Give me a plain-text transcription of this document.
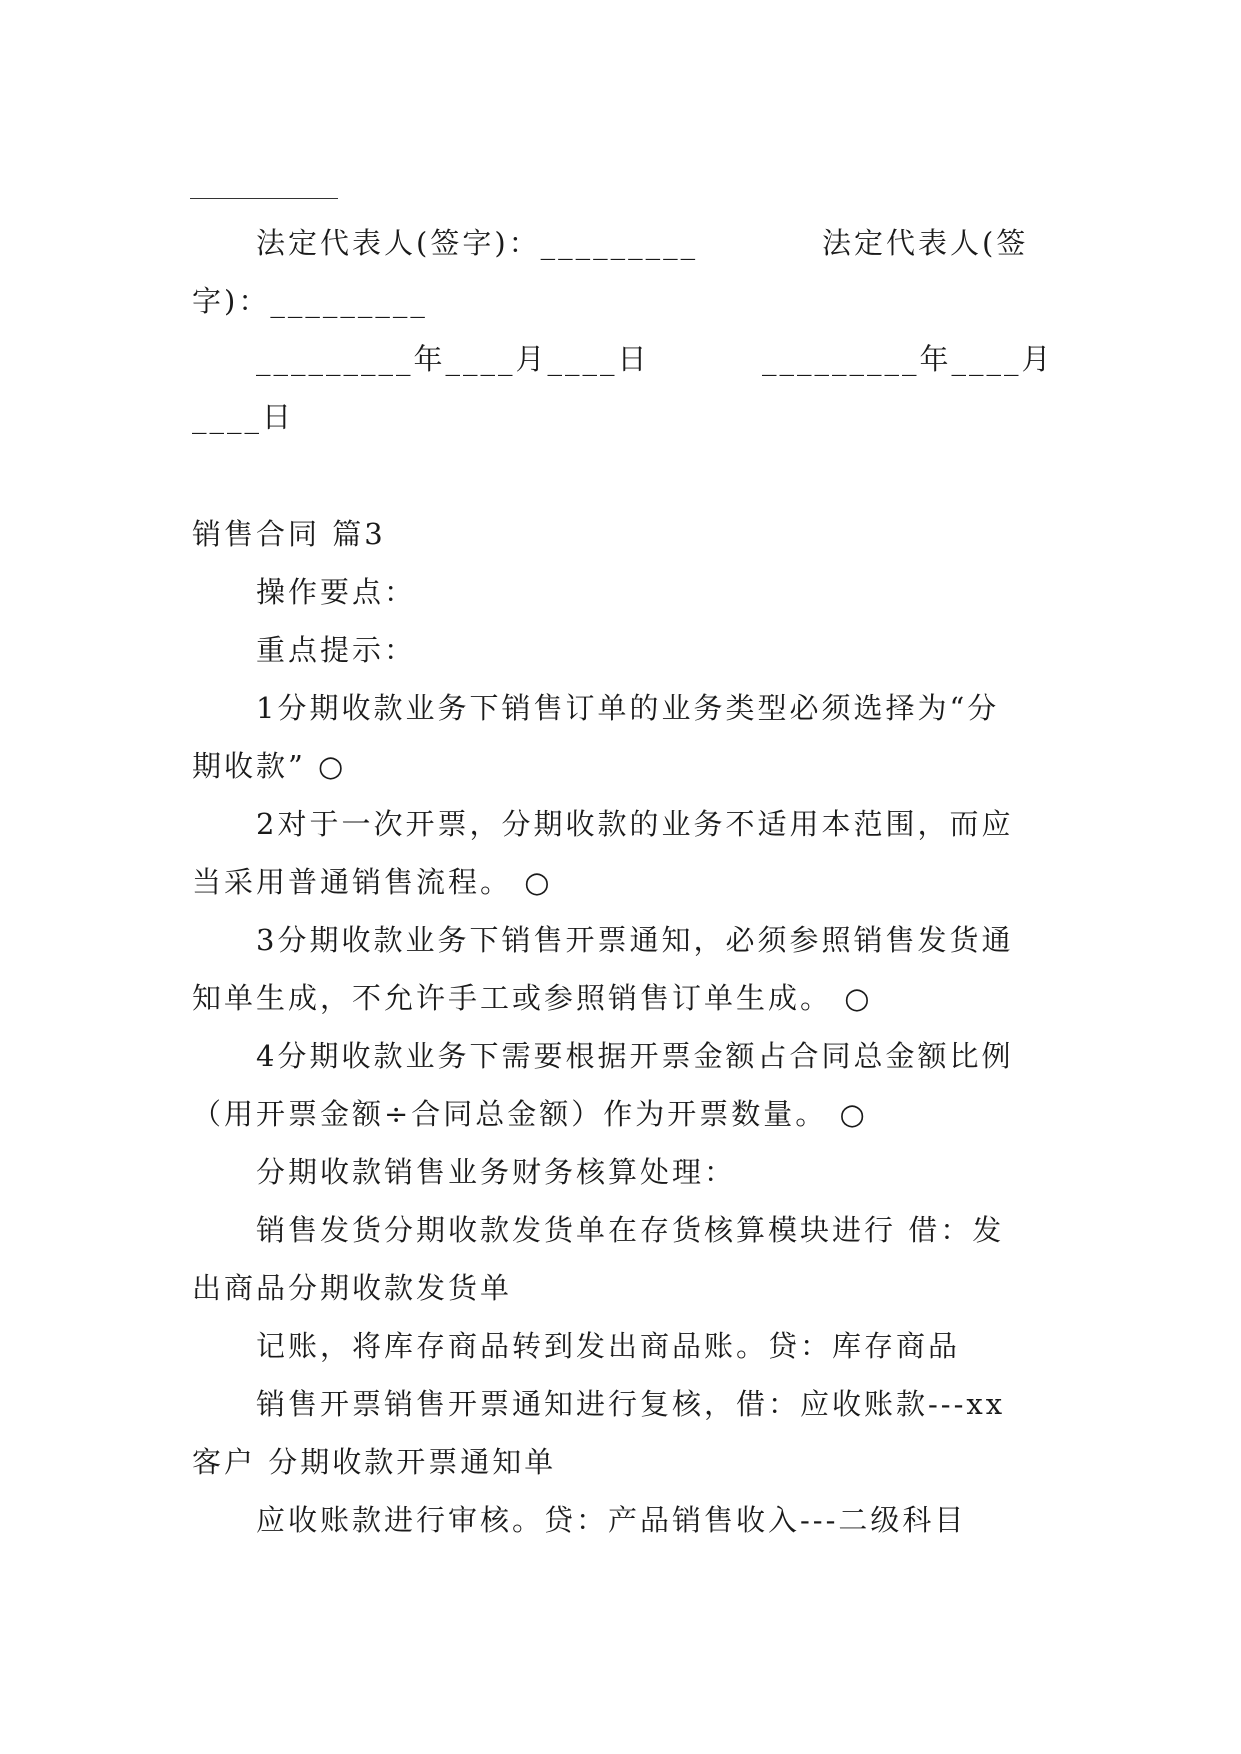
法定代表人(签字)：_________	法定代表人(签
字)：_________
_________年____月____日	_________年____月
____日
销售合同 篇3
操作要点：
重点提示：
1分期收款业务下销售订单的业务类型必须选择为“分
期收款” ○
2对于一次开票，分期收款的业务不适用本范围，而应
当采用普通销售流程。 ○
3分期收款业务下销售开票通知，必须参照销售发货通
知单生成，不允许手工或参照销售订单生成。 ○
4分期收款业务下需要根据开票金额占合同总金额比例
（用开票金额÷合同总金额）作为开票数量。 ○
分期收款销售业务财务核算处理：
销售发货分期收款发货单在存货核算模块进行 借：发
出商品分期收款发货单
记账，将库存商品转到发出商品账。贷：库存商品
销售开票销售开票通知进行复核，借：应收账款---xx
客户 分期收款开票通知单
应收账款进行审核。贷：产品销售收入---二级科目
